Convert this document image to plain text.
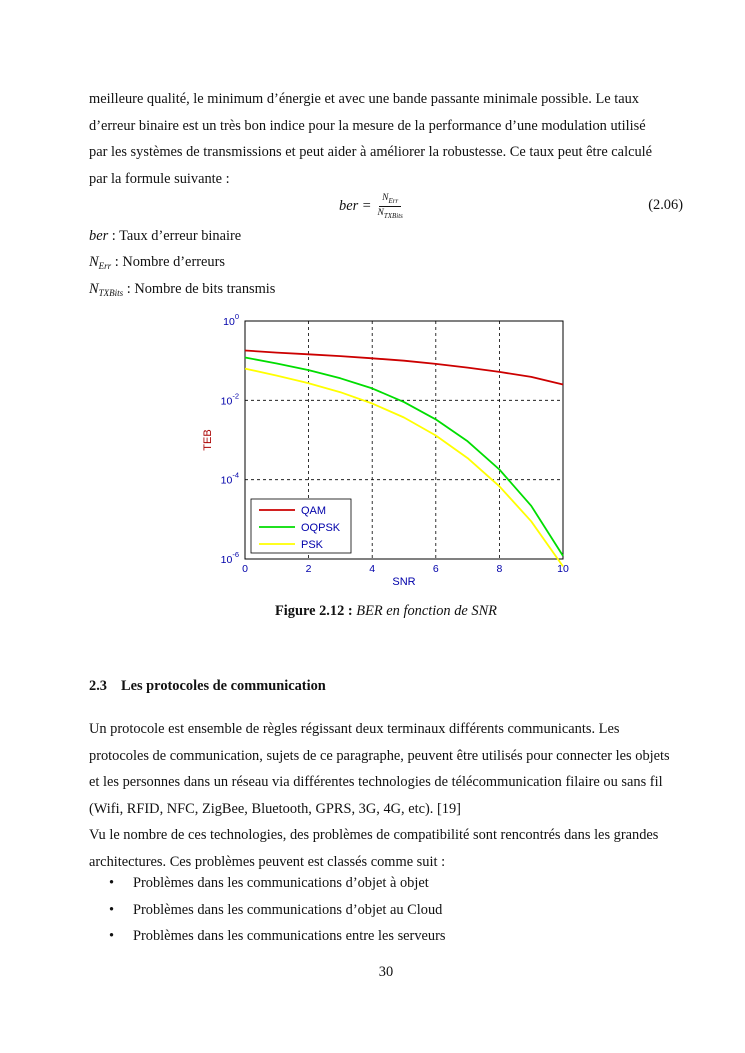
meilleure qualité, le minimum d’énergie et avec une bande passante minimale possible. Le taux

d’erreur binaire est un très bon indice pour la mesure de la performance d’une modulation utilisé

par les systèmes de transmissions et peut aider à améliorer la robustesse. Ce taux peut être calculé

par la formule suivante :

ber = $\frac{N_{Err}}{N_{TXBits}}$	(2.06)
ber : Taux d’erreur binaire
$N_{Err}$ : Nombre d’erreurs
$N_{TXBits}$ : Nombre de bits transmis
Figure 2.12 : BER en fonction de SNR
2.3 Les protocoles de communication

Un protocole est ensemble de règles régissant deux terminaux différents communicants. Les

protocoles de communication, sujets de ce paragraphe, peuvent être utilisés pour connecter les objets

et les personnes dans un réseau via différentes technologies de télécommunication filaire ou sans fil

(Wifi, RFID, NFC, ZigBee, Bluetooth, GPRS, 3G, 4G, etc). [19]

Vu le nombre de ces technologies, des problèmes de compatibilité sont rencontrés dans les grandes

architectures. Ces problèmes peuvent est classés comme suit :

•	Problèmes dans les communications d’objet à objet
•	Problèmes dans les communications d’objet au Cloud
•	Problèmes dans les communications entre les serveurs
30
0	2	4	6	8	10
$10^0$
$10^{-2}$
$10^{-4}$
$10^{-6}$
SNR
TEB
QAM
OQPSK
PSK
